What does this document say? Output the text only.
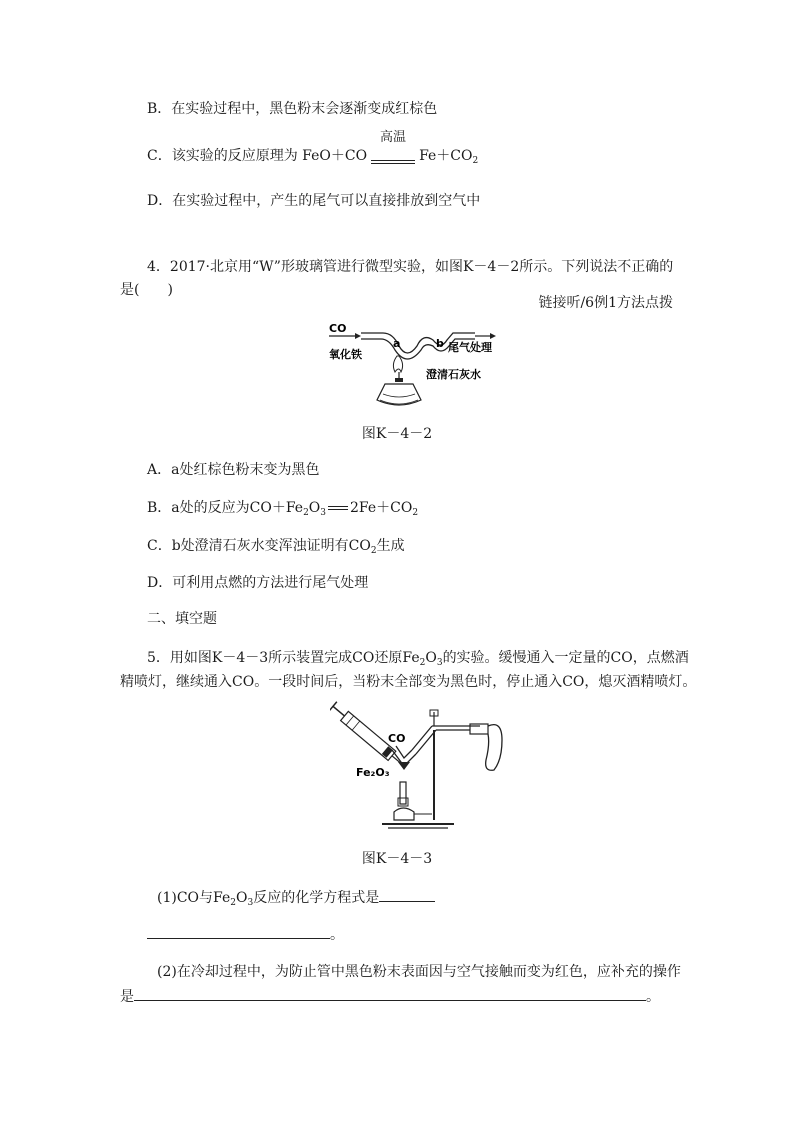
B．在实验过程中，黑色粉末会逐渐变成红棕色
C．该实验的反应原理为 FeO＋CO
高温
$Fe+CO_2$
D．在实验过程中，产生的尾气可以直接排放到空气中
4．2017·北京用“W”形玻璃管进行微型实验，如图K－4－2所示。下列说法不正确的
是(　　)
链接听/6例1方法点拨
CO
a	b 尾气处理
氧化铁
澄清石灰水
图K－4－2
A．a处红棕色粉末变为黑色
B．a处的反应为$CO+Fe_2O_3$ $2Fe+CO_2$
C．b处澄清石灰水变浑浊证明有$CO_2$生成
D．可利用点燃的方法进行尾气处理
二、填空题
5．用如图K－4－3所示装置完成CO还原$Fe_2O_3$的实验。缓慢通入一定量的CO，点燃酒
精喷灯，继续通入CO。一段时间后，当粉末全部变为黑色时，停止通入CO，熄灭酒精喷灯。
CO
Fe₂O₃
图K－4－3
(1)CO与$Fe_2O_3$反应的化学方程式是
。
(2)在冷却过程中，为防止管中黑色粉末表面因与空气接触而变为红色，应补充的操作
是	。
